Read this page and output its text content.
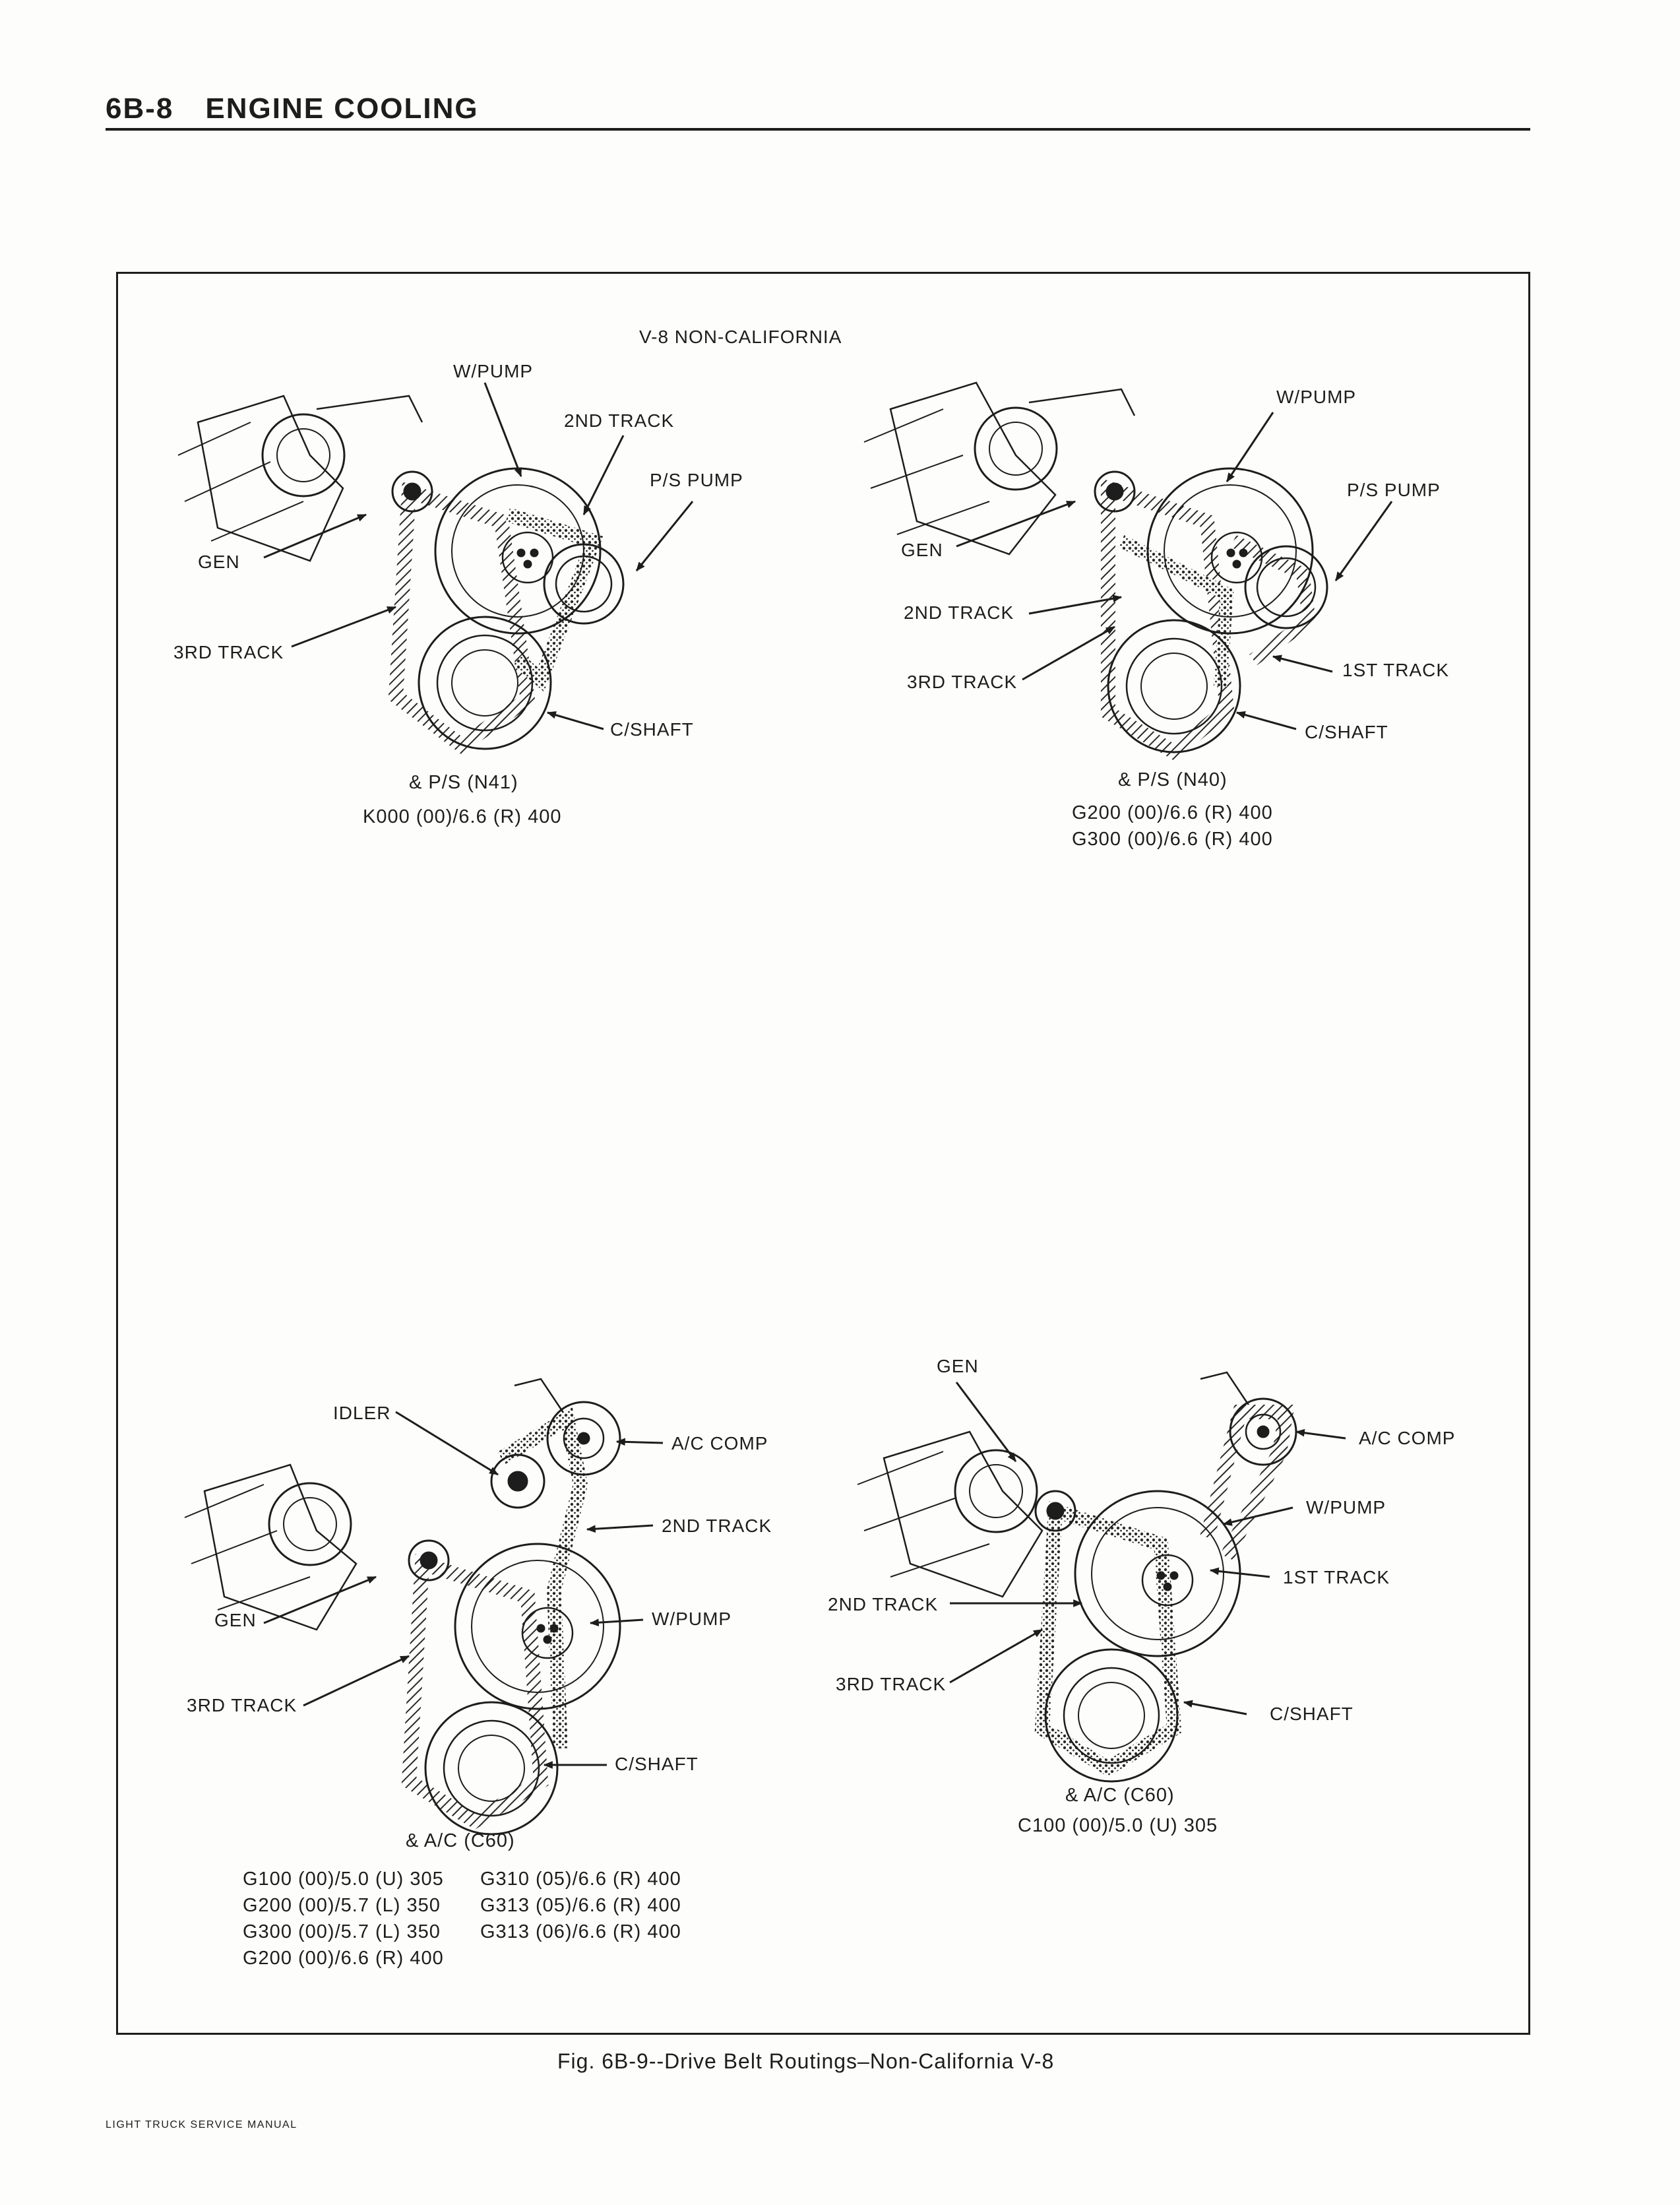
6B-8 ENGINE COOLING
V-8 NON-CALIFORNIA
W/PUMP
2ND TRACK
P/S PUMP
GEN
3RD TRACK
C/SHAFT
& P/S (N41)
K000 (00)/6.6 (R) 400
W/PUMP
P/S PUMP
GEN
2ND TRACK
1ST TRACK
3RD TRACK
C/SHAFT
& P/S (N40)
G200 (00)/6.6 (R) 400
G300 (00)/6.6 (R) 400
IDLER
A/C COMP
2ND TRACK
W/PUMP
GEN
3RD TRACK
C/SHAFT
& A/C (C60)
G100 (00)/5.0 (U) 305 G310 (05)/6.6 (R) 400
G200 (00)/5.7 (L) 350 G313 (05)/6.6 (R) 400
G300 (00)/5.7 (L) 350 G313 (06)/6.6 (R) 400
G200 (00)/6.6 (R) 400
GEN
A/C COMP
W/PUMP
1ST TRACK
2ND TRACK
3RD TRACK
C/SHAFT
& A/C (C60)
C100 (00)/5.0 (U) 305
Fig. 6B-9--Drive Belt Routings–Non-California V-8
LIGHT TRUCK SERVICE MANUAL
